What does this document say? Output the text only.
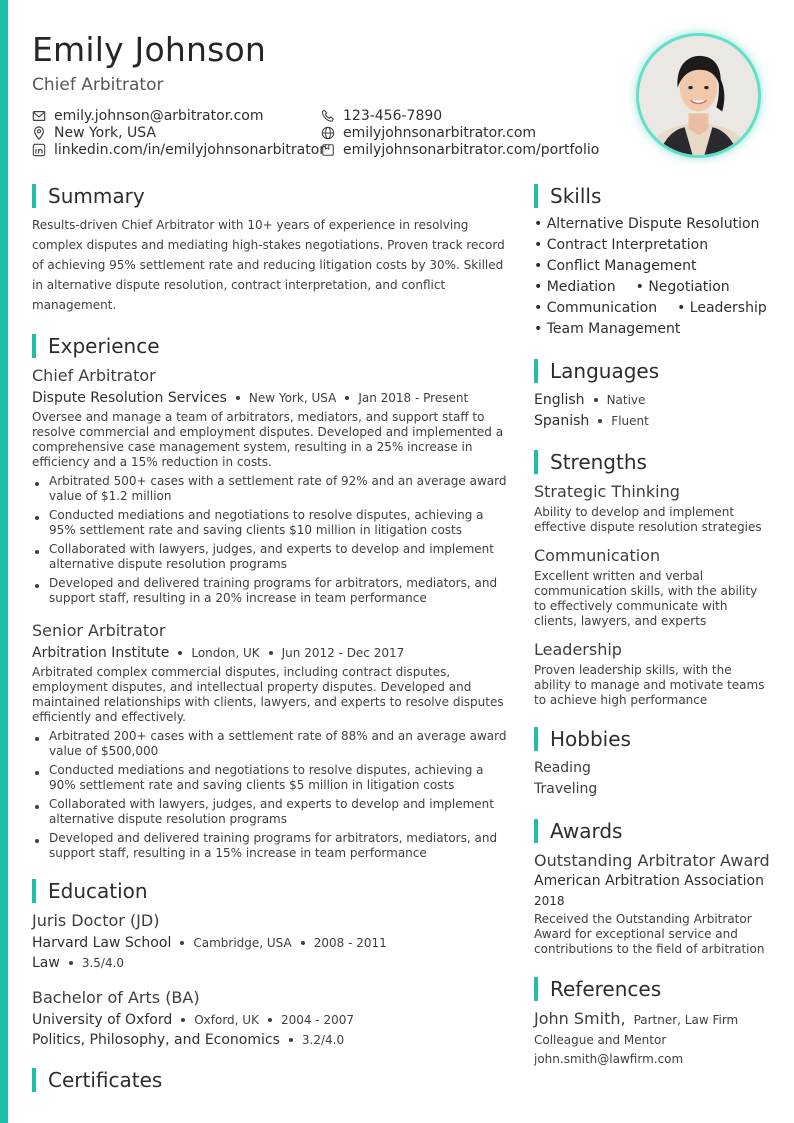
Emily Johnson
Chief Arbitrator
emily.johnson@arbitrator.com	123-456-7890
New York, USA	emilyjohnsonarbitrator.com
linkedin.com/in/emilyjohnsonarbitrator emilyjohnsonarbitrator.com/portfolio
Summary

Results-driven Chief Arbitrator with 10+ years of experience in resolving complex disputes and mediating high-stakes negotiations. Proven track record of achieving 95% settlement rate and reducing litigation costs by 30%. Skilled in alternative dispute resolution, contract interpretation, and conflict management.

Experience
Chief Arbitrator
Dispute Resolution Services New York, USA Jan 2018 - Present

Oversee and manage a team of arbitrators, mediators, and support staff to resolve commercial and employment disputes. Developed and implemented a comprehensive case management system, resulting in a 25% increase in efficiency and a 15% reduction in costs.

Arbitrated 500+ cases with a settlement rate of 92% and an average award value of $1.2 million
Conducted mediations and negotiations to resolve disputes, achieving a 95% settlement rate and saving clients $10 million in litigation costs
Collaborated with lawyers, judges, and experts to develop and implement alternative dispute resolution programs
Developed and delivered training programs for arbitrators, mediators, and support staff, resulting in a 20% increase in team performance
Senior Arbitrator
Arbitration Institute London, UK Jun 2012 - Dec 2017

Arbitrated complex commercial disputes, including contract disputes, employment disputes, and intellectual property disputes. Developed and maintained relationships with clients, lawyers, and experts to resolve disputes efficiently and effectively.

Arbitrated 200+ cases with a settlement rate of 88% and an average award value of $500,000
Conducted mediations and negotiations to resolve disputes, achieving a 90% settlement rate and saving clients $5 million in litigation costs
Collaborated with lawyers, judges, and experts to develop and implement alternative dispute resolution programs
Developed and delivered training programs for arbitrators, mediators, and support staff, resulting in a 15% increase in team performance
Education
Juris Doctor (JD)
Harvard Law School Cambridge, USA 2008 - 2011
Law 3.5/4.0
Bachelor of Arts (BA)
University of Oxford Oxford, UK 2004 - 2007
Politics, Philosophy, and Economics 3.2/4.0
Certificates
Skills
• Alternative Dispute Resolution
• Contract Interpretation
• Conflict Management
• Mediation	• Negotiation
• Communication	• Leadership
• Team Management
Languages
English Native
Spanish Fluent
Strengths
Strategic Thinking
Ability to develop and implement effective dispute resolution strategies
Communication
Excellent written and verbal communication skills, with the ability to effectively communicate with clients, lawyers, and experts
Leadership
Proven leadership skills, with the ability to manage and motivate teams to achieve high performance
Hobbies
Reading
Traveling
Awards
Outstanding Arbitrator Award
American Arbitration Association
2018
Received the Outstanding Arbitrator Award for exceptional service and contributions to the field of arbitration
References
John Smith, Partner, Law Firm
Colleague and Mentor
john.smith@lawfirm.com
